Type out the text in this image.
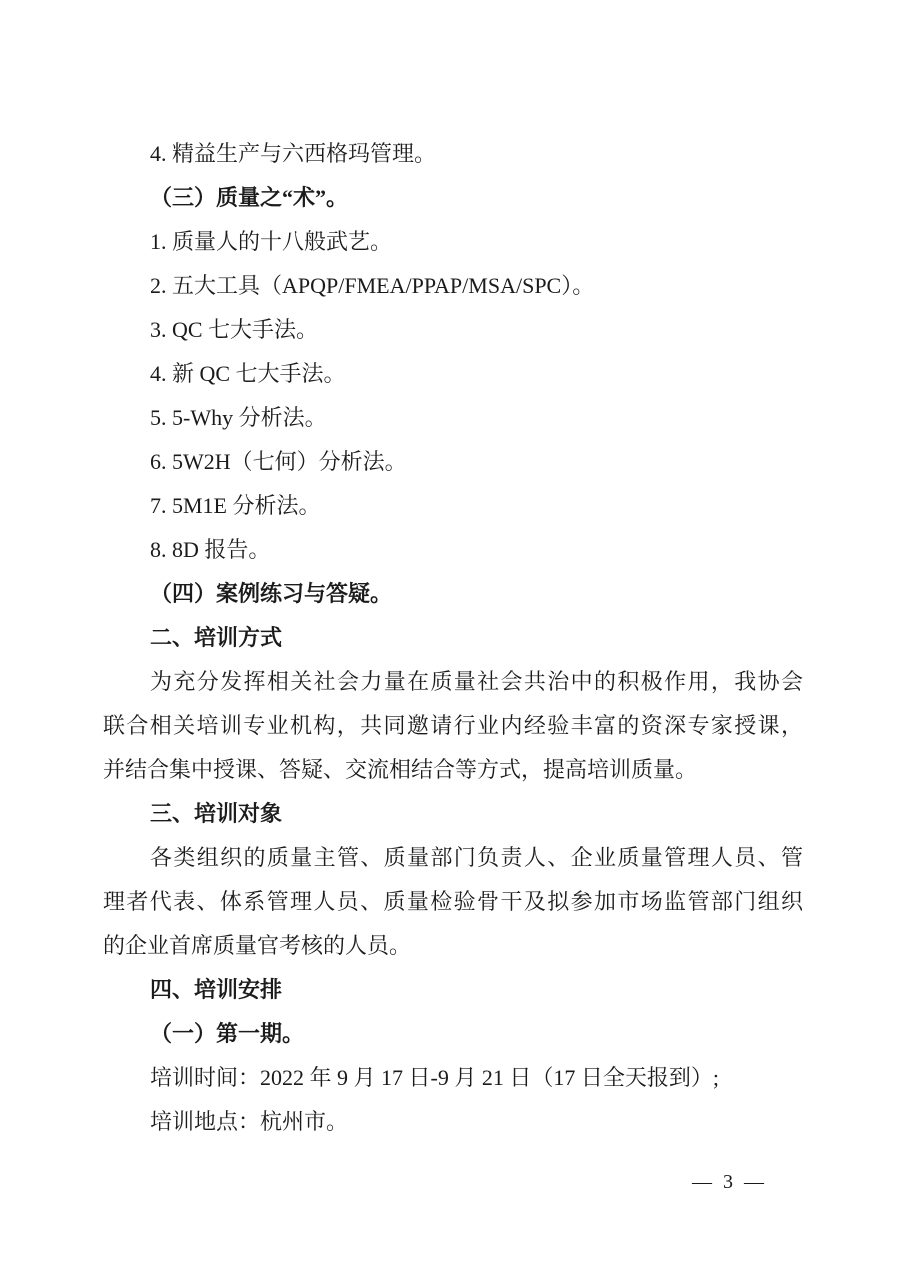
4. 精益生产与六西格玛管理。
（三）质量之“术”。
1. 质量人的十八般武艺。
2. 五大工具（APQP/FMEA/PPAP/MSA/SPC）。
3. QC 七大手法。
4. 新 QC 七大手法。
5. 5-Why 分析法。
6. 5W2H（七何）分析法。
7. 5M1E 分析法。
8. 8D 报告。
（四）案例练习与答疑。
二、培训方式
为充分发挥相关社会力量在质量社会共治中的积极作用，我协会
联合相关培训专业机构，共同邀请行业内经验丰富的资深专家授课，
并结合集中授课、答疑、交流相结合等方式，提高培训质量。
三、培训对象
各类组织的质量主管、质量部门负责人、企业质量管理人员、管
理者代表、体系管理人员、质量检验骨干及拟参加市场监管部门组织
的企业首席质量官考核的人员。
四、培训安排
（一）第一期。
培训时间：2022 年 9 月 17 日-9 月 21 日（17 日全天报到）;
培训地点：杭州市。
— 3 —
